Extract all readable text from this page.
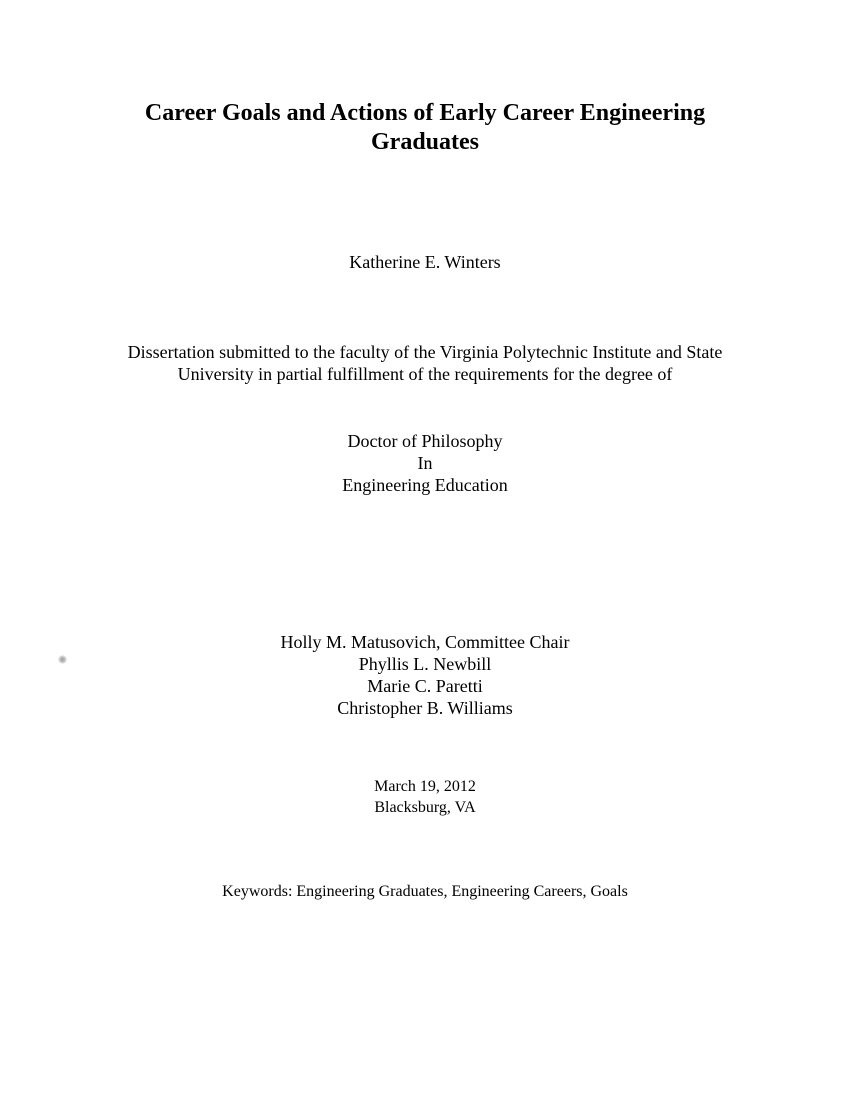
Career Goals and Actions of Early Career Engineering
Graduates
Katherine E. Winters
Dissertation submitted to the faculty of the Virginia Polytechnic Institute and State
University in partial fulfillment of the requirements for the degree of
Doctor of Philosophy
In
Engineering Education
Holly M. Matusovich, Committee Chair
Phyllis L. Newbill
Marie C. Paretti
Christopher B. Williams
March 19, 2012
Blacksburg, VA
Keywords: Engineering Graduates, Engineering Careers, Goals
